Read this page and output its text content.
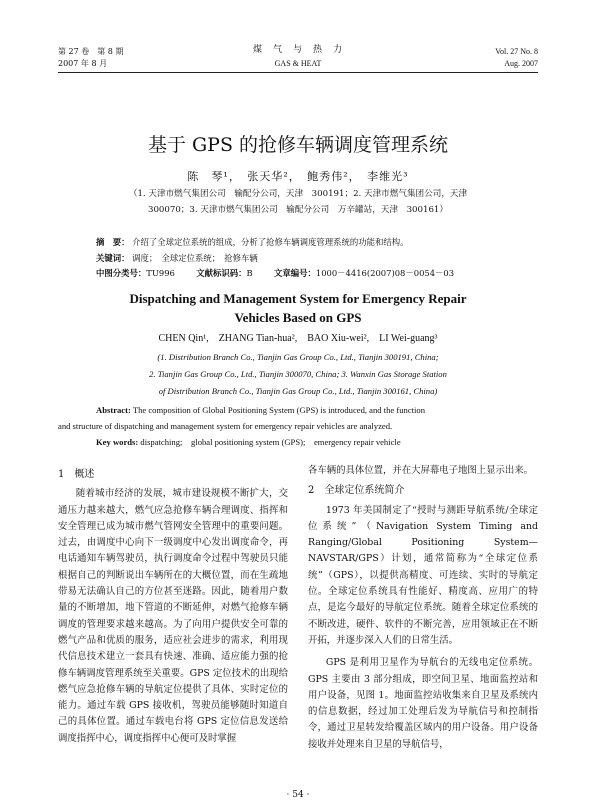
第 27 卷　第 8 期
2007 年 8 月
煤　气　与　热　力
GAS & HEAT
Vol. 27 No. 8
Aug. 2007
基于 GPS 的抢修车辆调度管理系统
陈　琴¹，　张天华²，　鲍秀伟²，　李维光³
（1. 天津市燃气集团公司　输配分公司，天津　300191；2. 天津市燃气集团公司，天津
300070；3. 天津市燃气集团公司　输配分公司　万辛罐站，天津　300161）
摘　要： 介绍了全球定位系统的组成，分析了抢修车辆调度管理系统的功能和结构。
关键词： 调度；　全球定位系统；　抢修车辆
中图分类号：TU996	文献标识码：B	文章编号：1000－4416(2007)08－0054－03
Dispatching and Management System for Emergency Repair
Vehicles Based on GPS
CHEN Qin¹,　ZHANG Tian-hua²,　BAO Xiu-wei²,　LI Wei-guang³
(1. Distribution Branch Co., Tianjin Gas Group Co., Ltd., Tianjin 300191, China;
2. Tianjin Gas Group Co., Ltd., Tianjin 300070, China; 3. Wanxin Gas Storage Station
of Distribution Branch Co., Tianjin Gas Group Co., Ltd., Tianjin 300161, China)
Abstract: The composition of Global Positioning System (GPS) is introduced, and the function
and structure of dispatching and management system for emergency repair vehicles are analyzed.
Key words: dispatching;　global positioning system (GPS);　emergency repair vehicle
1　概述

随着城市经济的发展，城市建设规模不断扩大，交通压力越来越大，燃气应急抢修车辆合理调度、指挥和安全管理已成为城市燃气管网安全管理中的重要问题。过去，由调度中心向下一级调度中心发出调度命令，再电话通知车辆驾驶员，执行调度命令过程中驾驶员只能根据自己的判断说出车辆所在的大概位置，而在生疏地带易无法确认自己的方位甚至迷路。因此，随着用户数量的不断增加，地下管道的不断延伸，对燃气抢修车辆调度的管理要求越来越高。为了向用户提供安全可靠的燃气产品和优质的服务，适应社会进步的需求，利用现代信息技术建立一套具有快速、准确、适应能力强的抢修车辆调度管理系统至关重要。GPS 定位技术的出现给燃气应急抢修车辆的导航定位提供了具体、实时定位的能力。通过车载 GPS 接收机，驾驶员能够随时知道自己的具体位置。通过车载电台将 GPS 定位信息发送给调度指挥中心，调度指挥中心便可及时掌握

各车辆的具体位置，并在大屏幕电子地图上显示出来。

2　全球定位系统简介

1973 年美国制定了“授时与测距导航系统/全球定位系统”（Navigation System Timing and Ranging/Global Positioning System—NAVSTAR/GPS）计划，通常简称为“全球定位系统”（GPS），以提供高精度、可连续、实时的导航定位。全球定位系统具有性能好、精度高、应用广的特点，是迄今最好的导航定位系统。随着全球定位系统的不断改进，硬件、软件的不断完善，应用领域正在不断开拓，并逐步深入人们的日常生活。

GPS 是利用卫星作为导航台的无线电定位系统。GPS 主要由 3 部分组成，即空间卫星、地面监控站和用户设备，见图 1。地面监控站收集来自卫星及系统内的信息数据，经过加工处理后发为导航信号和控制指令，通过卫星转发给覆盖区域内的用户设备。用户设备接收并处理来自卫星的导航信号，

· 54 ·
